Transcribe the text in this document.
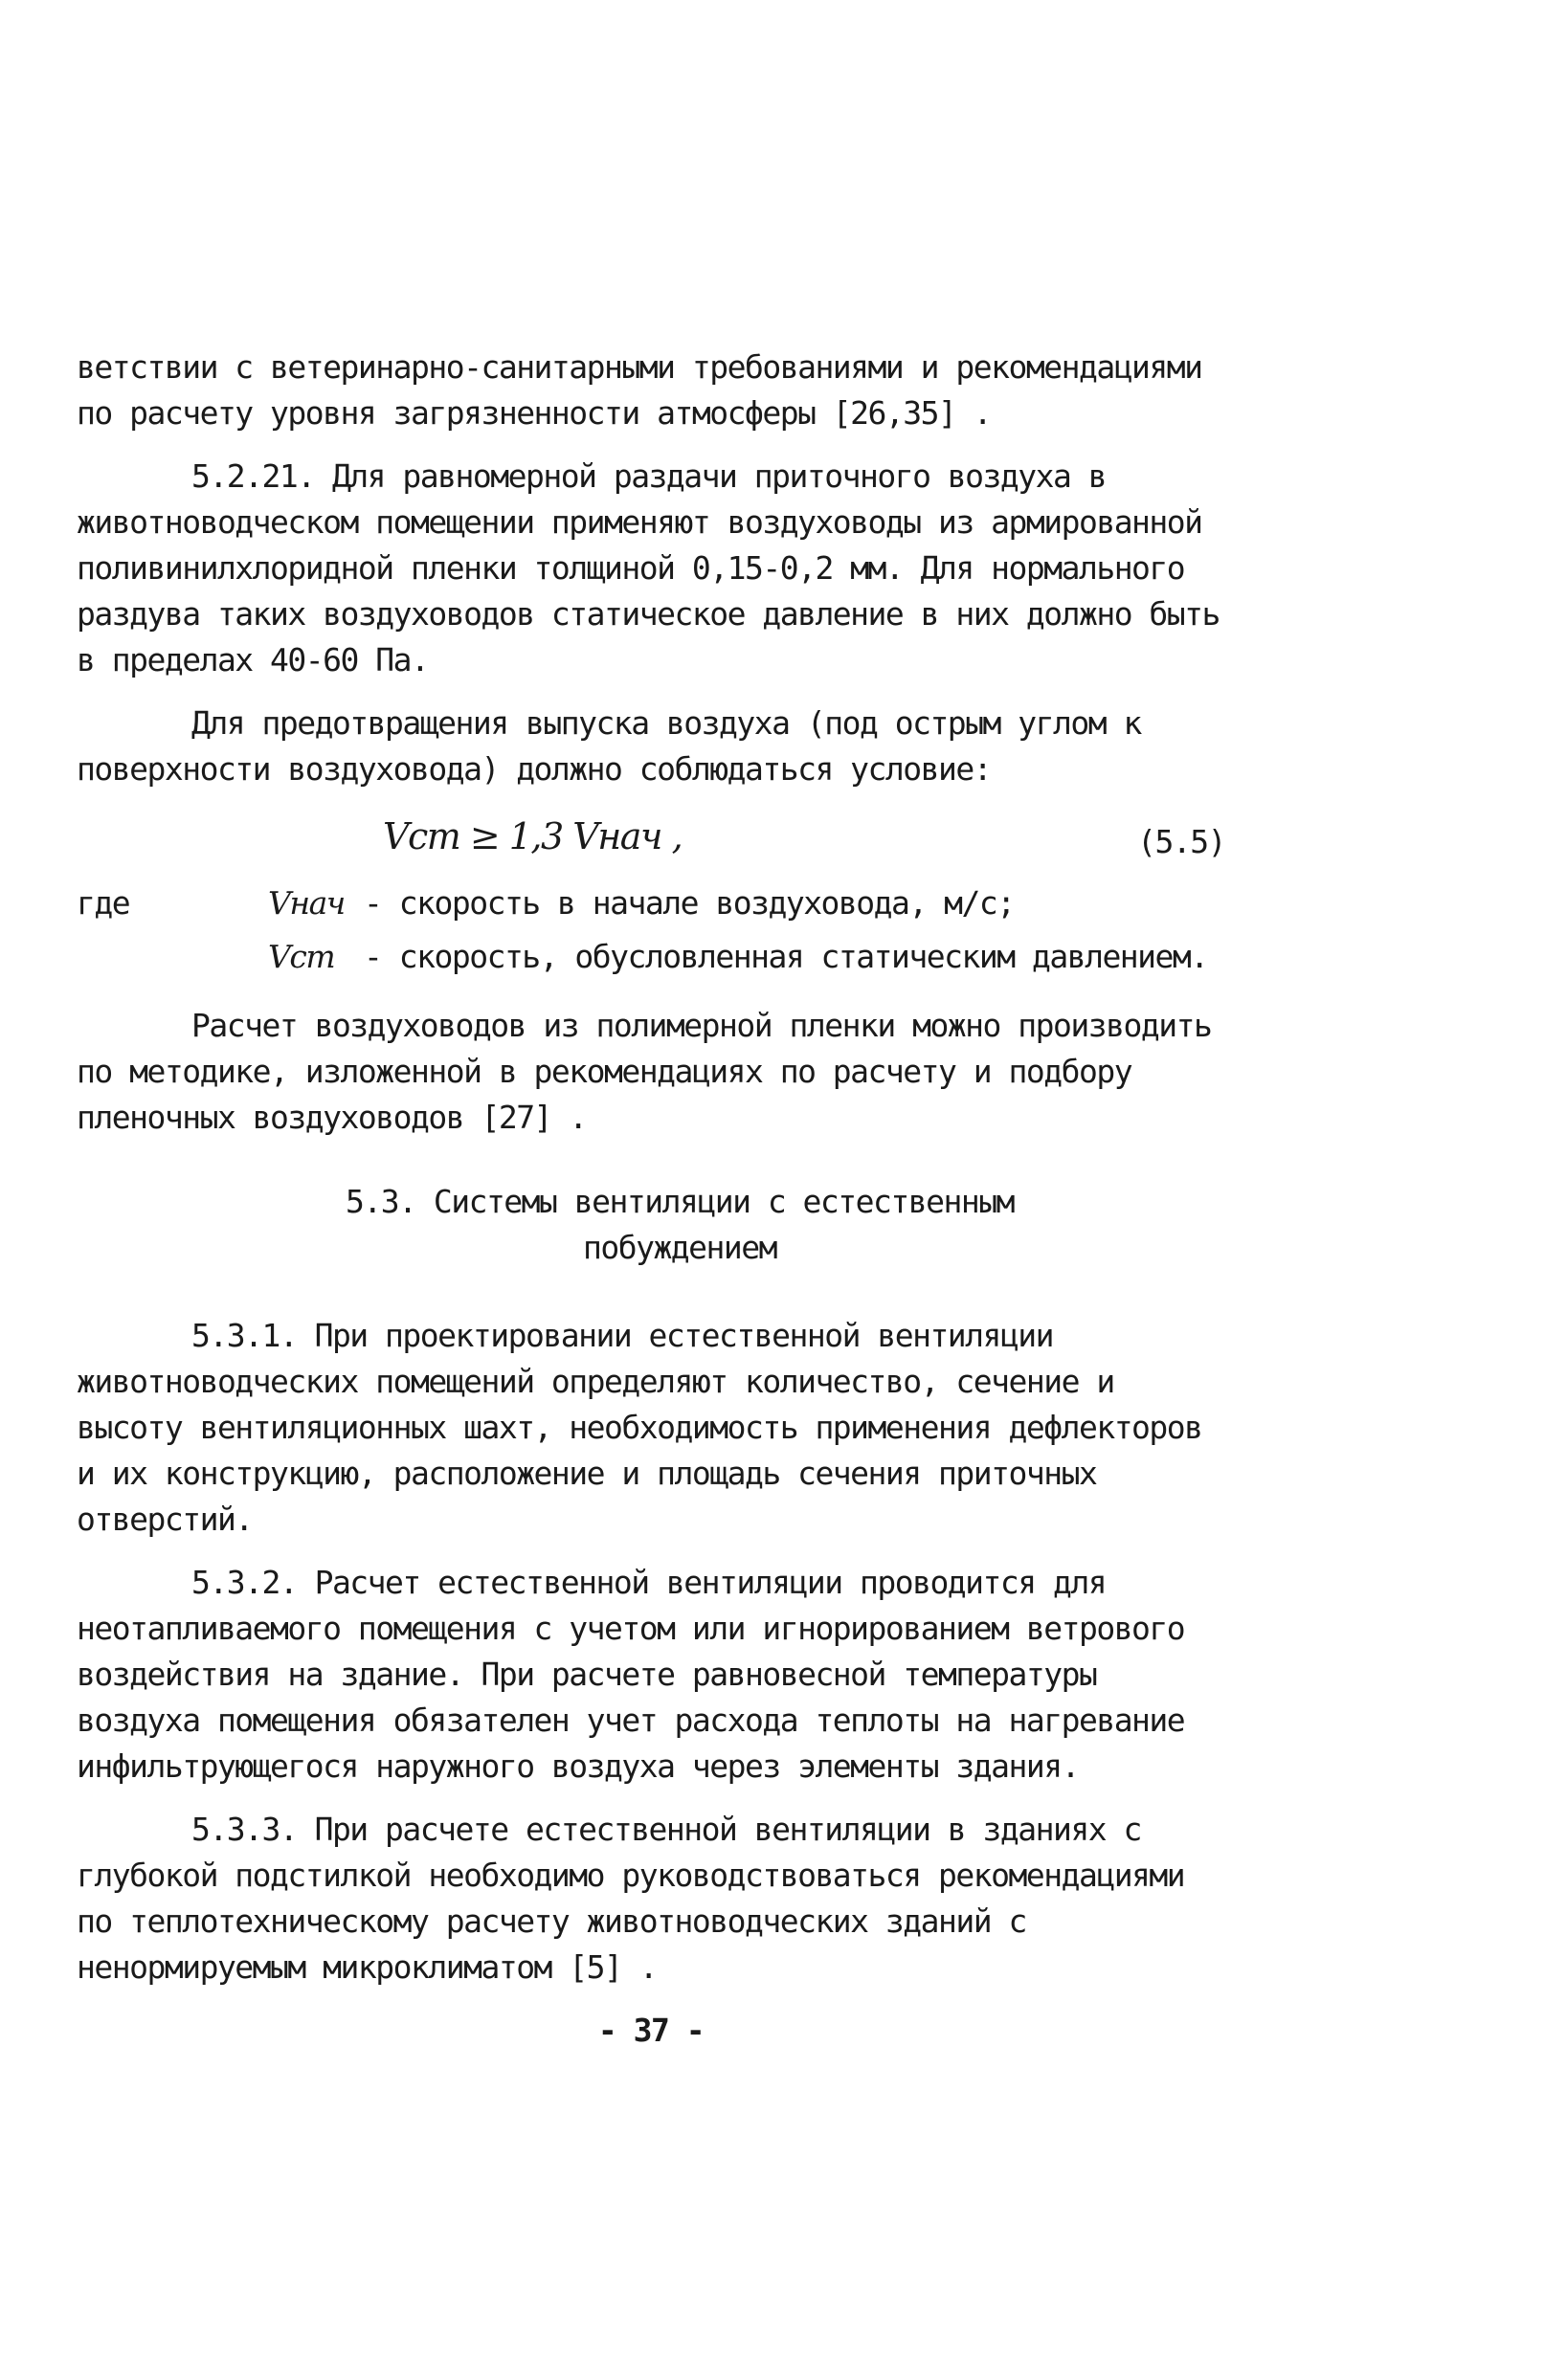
ветствии с ветеринарно-санитарными требованиями и рекомендациями по расчету уровня загрязненности атмосферы [26,35] .

5.2.21. Для равномерной раздачи приточного воздуха в животноводческом помещении применяют воздуховоды из армированной поливинилхлоридной пленки толщиной 0,15-0,2 мм. Для нормального раздува таких воздуховодов статическое давление в них должно быть в пределах 40-60 Па.

Для предотвращения выпуска воздуха (под острым углом к поверхности воздуховода) должно соблюдаться условие:

Vст ≥ 1,3 Vнач ,	(5.5)
где	Vнач - скорость в начале воздуховода, м/с;
Vст - скорость, обусловленная статическим давлением.

Расчет воздуховодов из полимерной пленки можно производить по методике, изложенной в рекомендациях по расчету и подбору пленочных воздуховодов [27] .

5.3. Системы вентиляции с естественным
побуждением

5.3.1. При проектировании естественной вентиляции животноводческих помещений определяют количество, сечение и высоту вентиляционных шахт, необходимость применения дефлекторов и их конструкцию, расположение и площадь сечения приточных отверстий.

5.3.2. Расчет естественной вентиляции проводится для неотапливаемого помещения с учетом или игнорированием ветрового воздействия на здание. При расчете равновесной температуры воздуха помещения обязателен учет расхода теплоты на нагревание инфильтрующегося наружного воздуха через элементы здания.

5.3.3. При расчете естественной вентиляции в зданиях с глубокой подстилкой необходимо руководствоваться рекомендациями по теплотехническому расчету животноводческих зданий с ненормируемым микроклиматом [5] .

- 37 -
